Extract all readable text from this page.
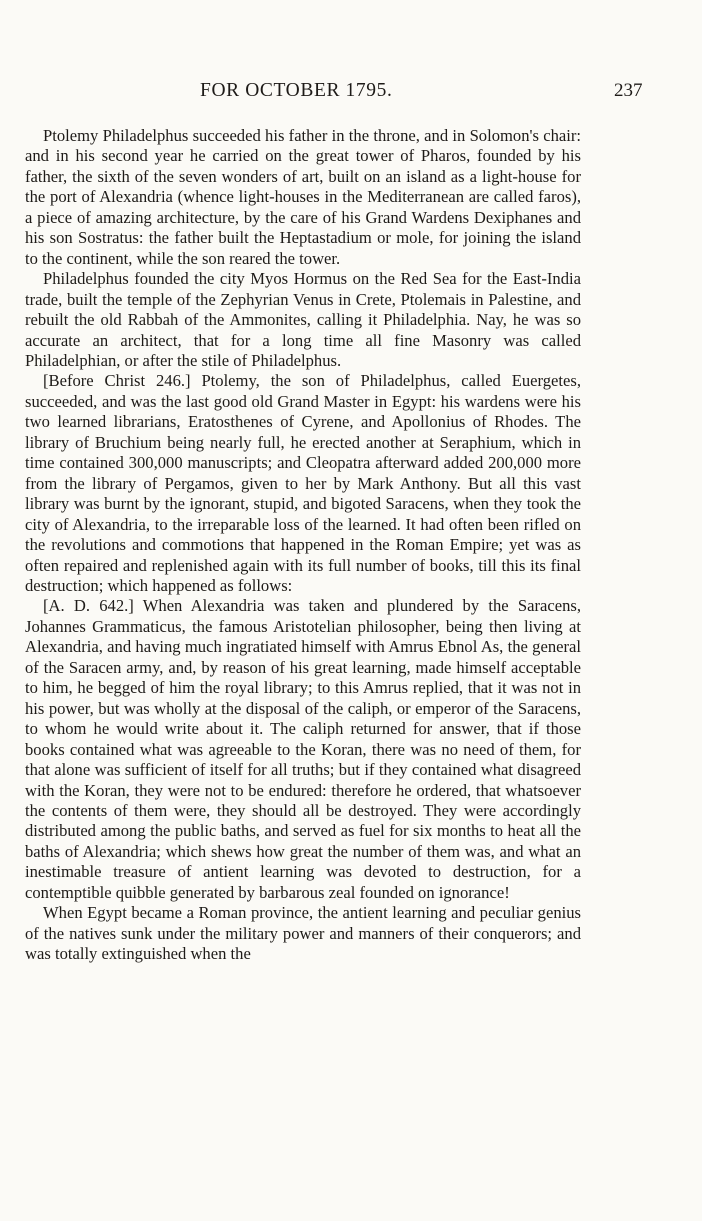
FOR OCTOBER 1795.	237

Ptolemy Philadelphus succeeded his father in the throne, and in Solomon's chair: and in his second year he carried on the great tower of Pharos, founded by his father, the sixth of the seven wonders of art, built on an island as a light-house for the port of Alexandria (whence light-houses in the Mediterranean are called faros), a piece of amazing architecture, by the care of his Grand Wardens Dexiphanes and his son Sostratus: the father built the Heptastadium or mole, for joining the island to the continent, while the son reared the tower.

Philadelphus founded the city Myos Hormus on the Red Sea for the East-India trade, built the temple of the Zephyrian Venus in Crete, Ptolemais in Palestine, and rebuilt the old Rabbah of the Ammonites, calling it Philadelphia. Nay, he was so accurate an architect, that for a long time all fine Masonry was called Philadelphian, or after the stile of Philadelphus.

[Before Christ 246.] Ptolemy, the son of Philadelphus, called Euergetes, succeeded, and was the last good old Grand Master in Egypt: his wardens were his two learned librarians, Eratosthenes of Cyrene, and Apollonius of Rhodes. The library of Bruchium being nearly full, he erected another at Seraphium, which in time contained 300,000 manuscripts; and Cleopatra afterward added 200,000 more from the library of Pergamos, given to her by Mark Anthony. But all this vast library was burnt by the ignorant, stupid, and bigoted Saracens, when they took the city of Alexandria, to the irreparable loss of the learned. It had often been rifled on the revolutions and commotions that happened in the Roman Empire; yet was as often repaired and replenished again with its full number of books, till this its final destruction; which happened as follows:

[A. D. 642.] When Alexandria was taken and plundered by the Saracens, Johannes Grammaticus, the famous Aristotelian philosopher, being then living at Alexandria, and having much ingratiated himself with Amrus Ebnol As, the general of the Saracen army, and, by reason of his great learning, made himself acceptable to him, he begged of him the royal library; to this Amrus replied, that it was not in his power, but was wholly at the disposal of the caliph, or emperor of the Saracens, to whom he would write about it. The caliph returned for answer, that if those books contained what was agreeable to the Koran, there was no need of them, for that alone was sufficient of itself for all truths; but if they contained what disagreed with the Koran, they were not to be endured: therefore he ordered, that whatsoever the contents of them were, they should all be destroyed. They were accordingly distributed among the public baths, and served as fuel for six months to heat all the baths of Alexandria; which shews how great the number of them was, and what an inestimable treasure of antient learning was devoted to destruction, for a contemptible quibble generated by barbarous zeal founded on ignorance!

When Egypt became a Roman province, the antient learning and peculiar genius of the natives sunk under the military power and manners of their conquerors; and was totally extinguished when the
